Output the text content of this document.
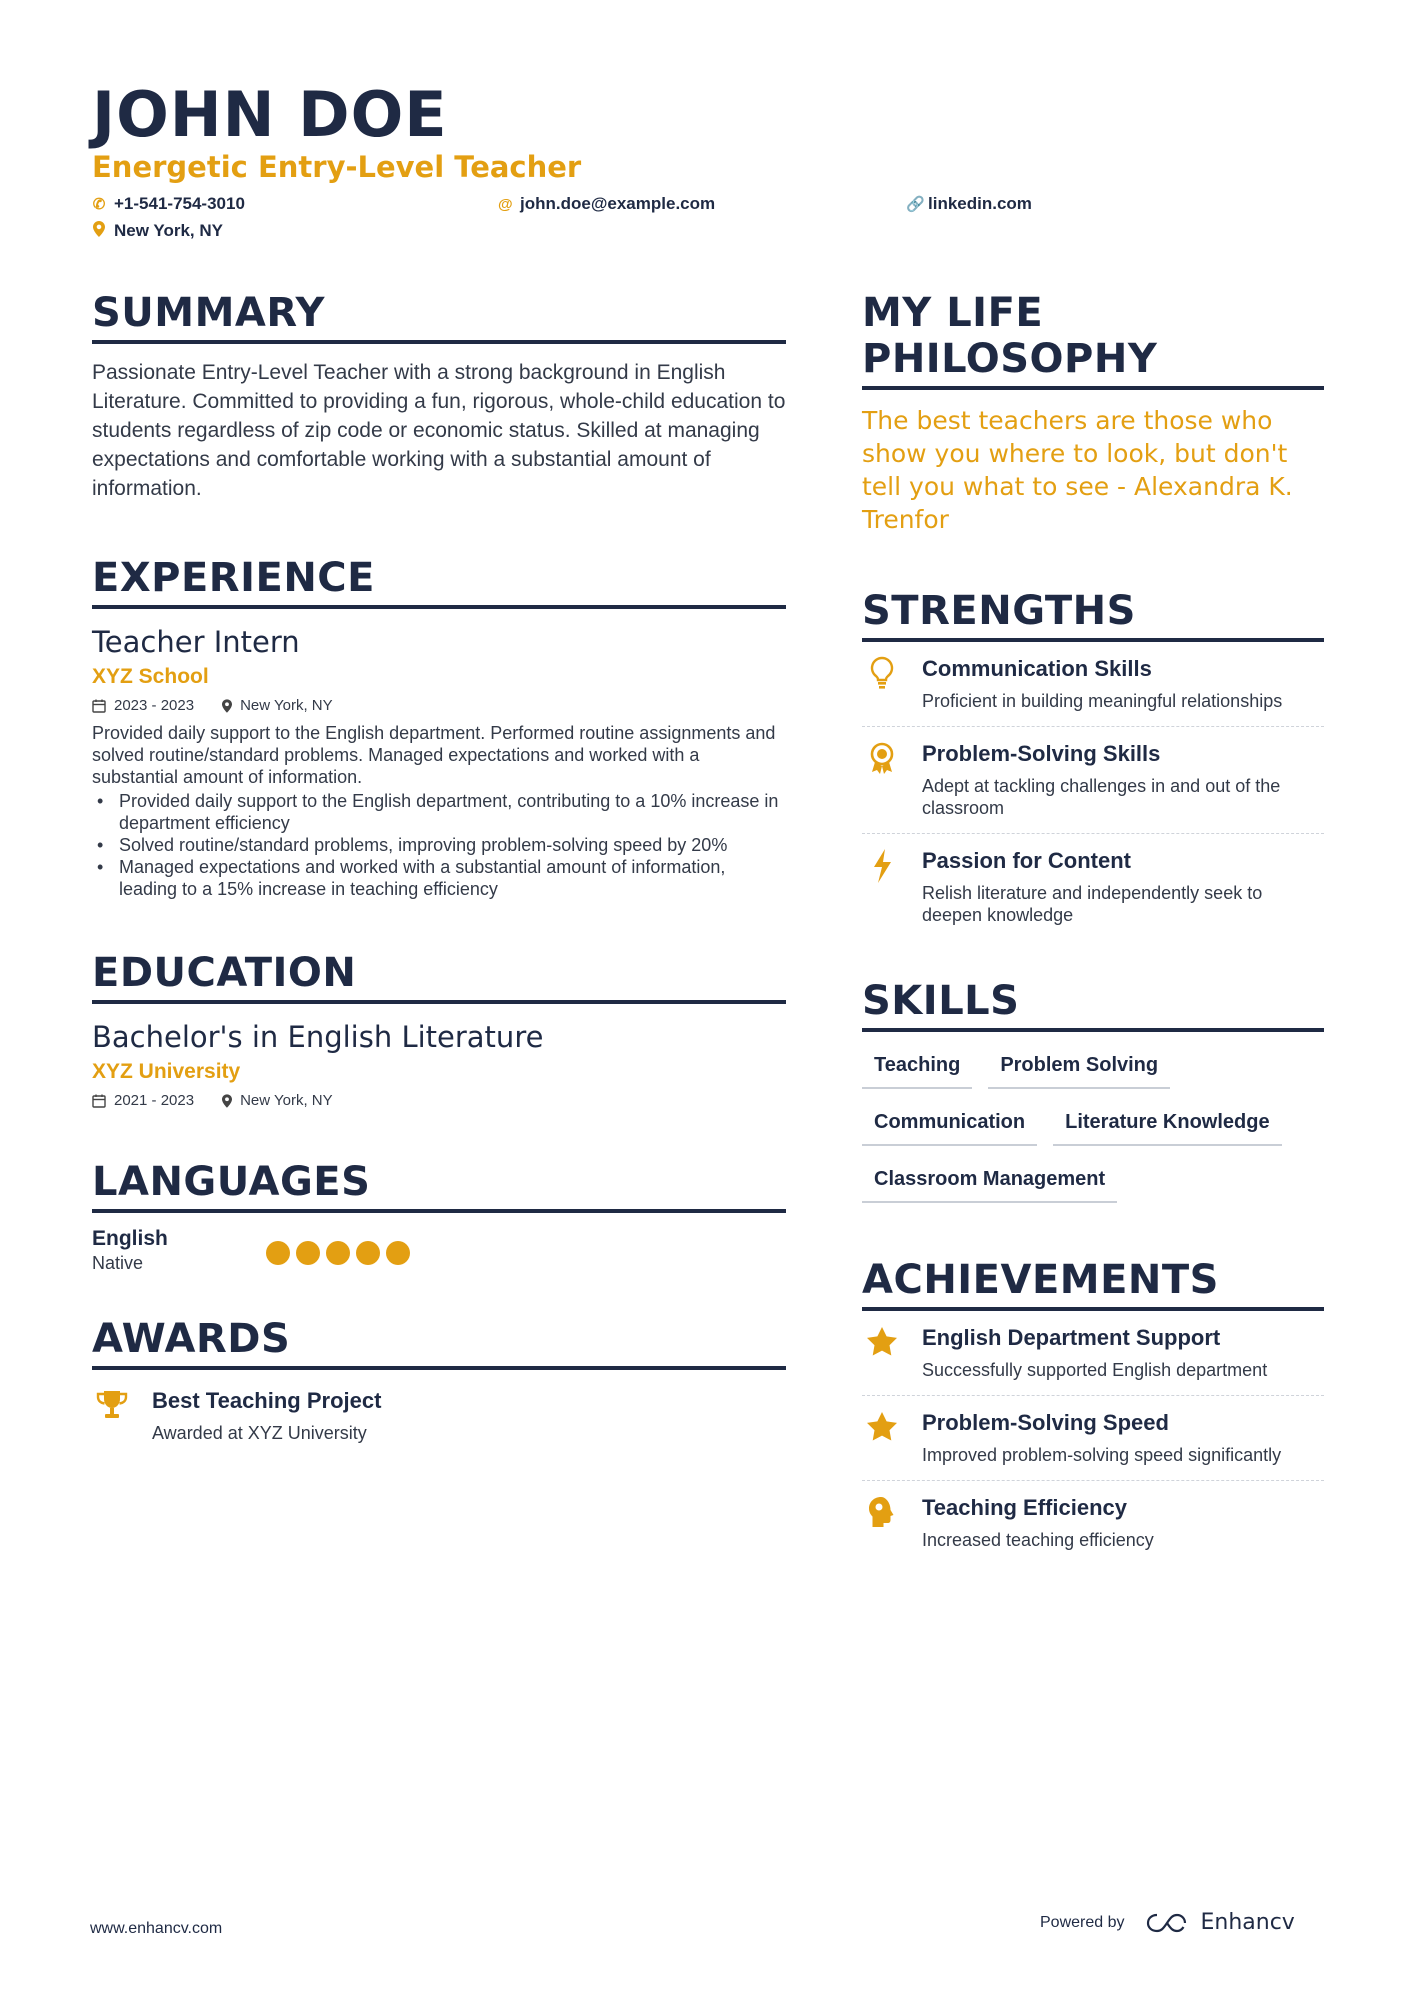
JOHN DOE
Energetic Entry-Level Teacher
✆ +1-541-754-3010	@ john.doe@example.com	🔗 linkedin.com
New York, NY
SUMMARY

Passionate Entry-Level Teacher with a strong background in English Literature. Committed to providing a fun, rigorous, whole-child education to students regardless of zip code or economic status. Skilled at managing expectations and comfortable working with a substantial amount of information.

EXPERIENCE
Teacher Intern
XYZ School
2023 - 2023	New York, NY

Provided daily support to the English department. Performed routine assignments and solved routine/standard problems. Managed expectations and worked with a substantial amount of information.

• Provided daily support to the English department, contributing to a 10% increase in department efficiency
• Solved routine/standard problems, improving problem-solving speed by 20%
• Managed expectations and worked with a substantial amount of information, leading to a 15% increase in teaching efficiency
EDUCATION
Bachelor's in English Literature
XYZ University
2021 - 2023	New York, NY
LANGUAGES
English
Native
AWARDS
Best Teaching Project
Awarded at XYZ University
MY LIFE
PHILOSOPHY

The best teachers are those who show you where to look, but don't tell you what to see - Alexandra K. Trenfor

STRENGTHS
Communication Skills
Proficient in building meaningful relationships
Problem-Solving Skills
Adept at tackling challenges in and out of the classroom
Passion for Content
Relish literature and independently seek to deepen knowledge
SKILLS
Teaching	Problem Solving
Communication	Literature Knowledge
Classroom Management
ACHIEVEMENTS
English Department Support
Successfully supported English department
Problem-Solving Speed
Improved problem-solving speed significantly
Teaching Efficiency
Increased teaching efficiency
www.enhancv.com	Powered by	Enhancv
